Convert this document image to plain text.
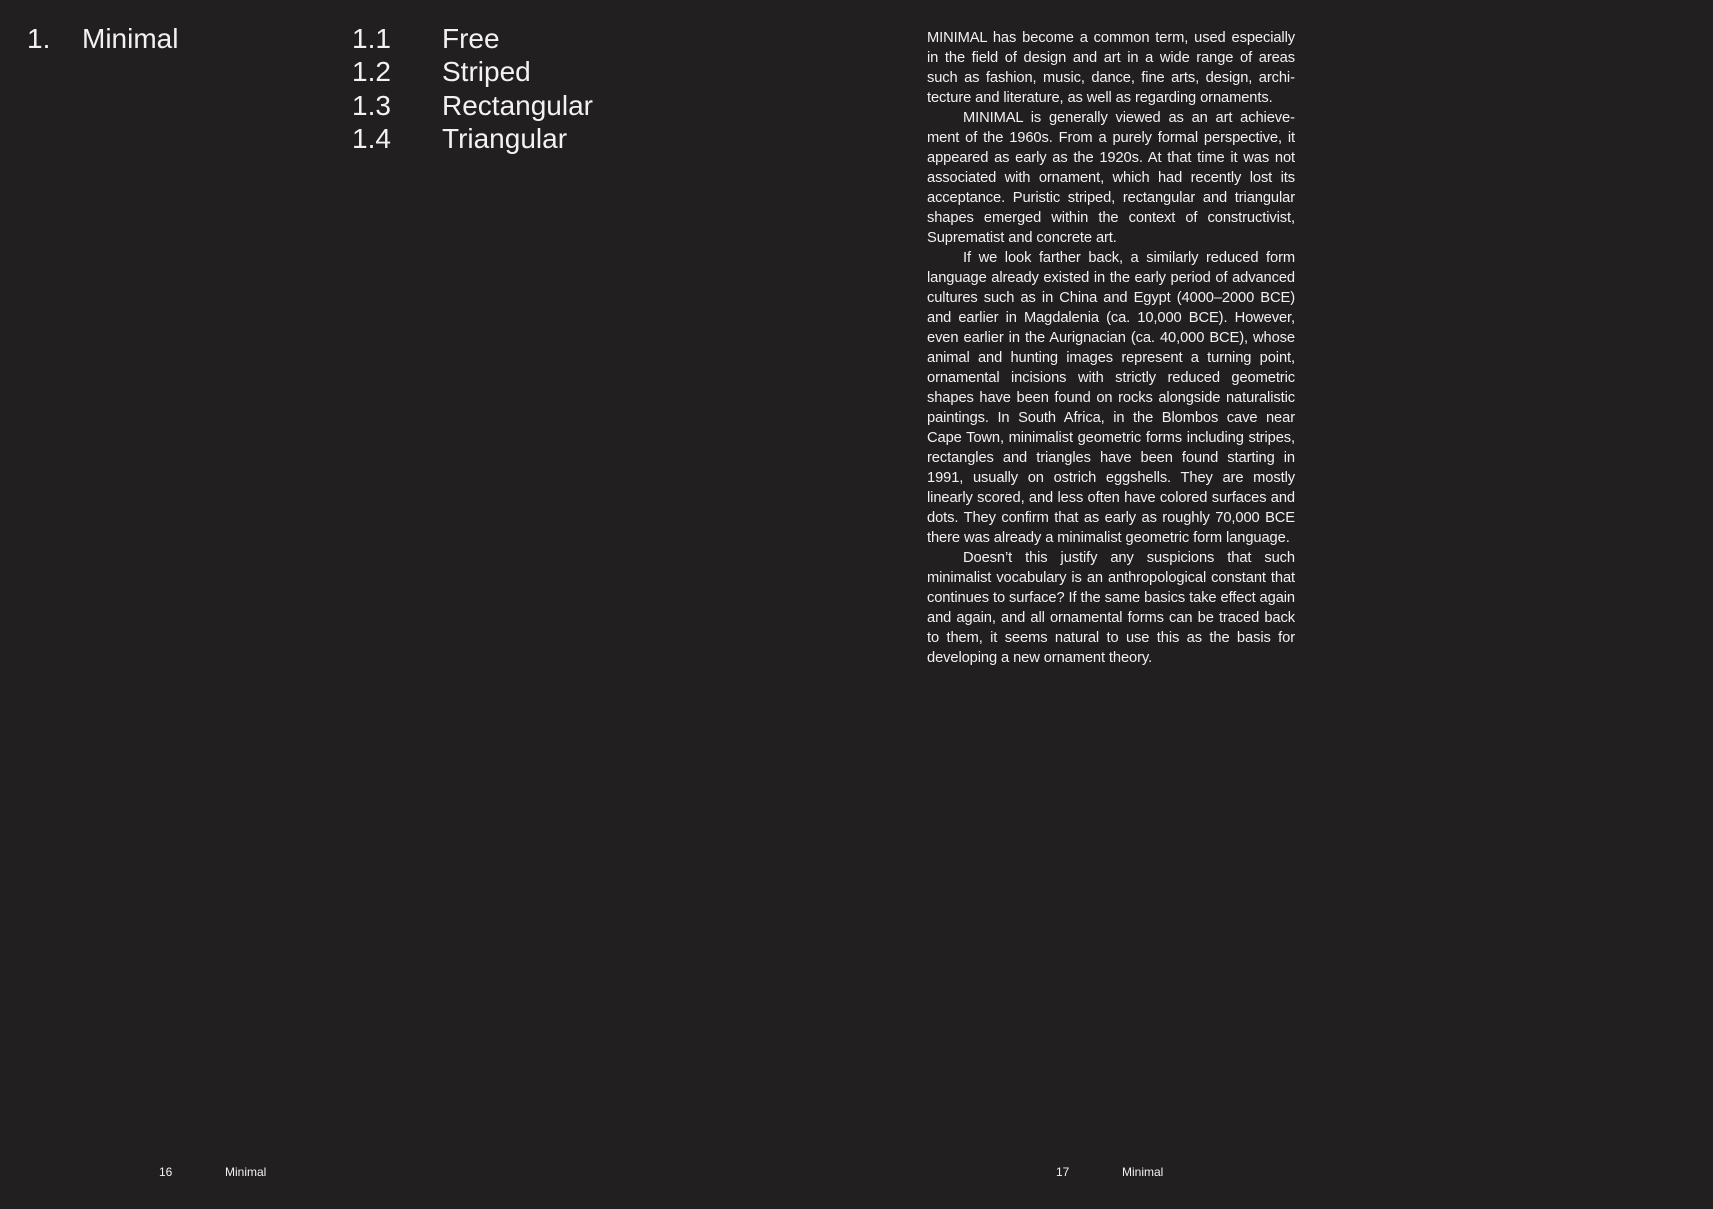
1. Minimal	1.1 Free
1.2 Striped
1.3 Rectangular
1.4 Triangular

MINIMAL has become a common term, used especially in the field of design and art in a wide range of areas such as fashion, music, dance, fine arts, design, architecture and literature, as well as regarding ornaments.

MINIMAL is generally viewed as an art achievement of the 1960s. From a purely formal perspective, it appeared as early as the 1920s. At that time it was not associated with ornament, which had recently lost its acceptance. Puristic striped, rectangular and triangular shapes emerged within the context of constructivist, Suprematist and concrete art.

If we look farther back, a similarly reduced form language already existed in the early period of advanced cultures such as in China and Egypt (4000–2000 BCE) and earlier in Magdalenia (ca. 10,000 BCE). However, even earlier in the Aurignacian (ca. 40,000 BCE), whose animal and hunting images represent a turning point, ornamental incisions with strictly reduced geometric shapes have been found on rocks alongside naturalistic paintings. In South Africa, in the Blombos cave near Cape Town, minimalist geometric forms including stripes, rectangles and triangles have been found starting in 1991, usually on ostrich eggshells. They are mostly linearly scored, and less often have colored surfaces and dots. They confirm that as early as roughly 70,000 BCE there was already a minimalist geometric form language.

Doesn’t this justify any suspicions that such minimalist vocabulary is an anthropological constant that continues to surface? If the same basics take effect again and again, and all ornamental forms can be traced back to them, it seems natural to use this as the basis for developing a new ornament theory.

16	Minimal	17	Minimal
